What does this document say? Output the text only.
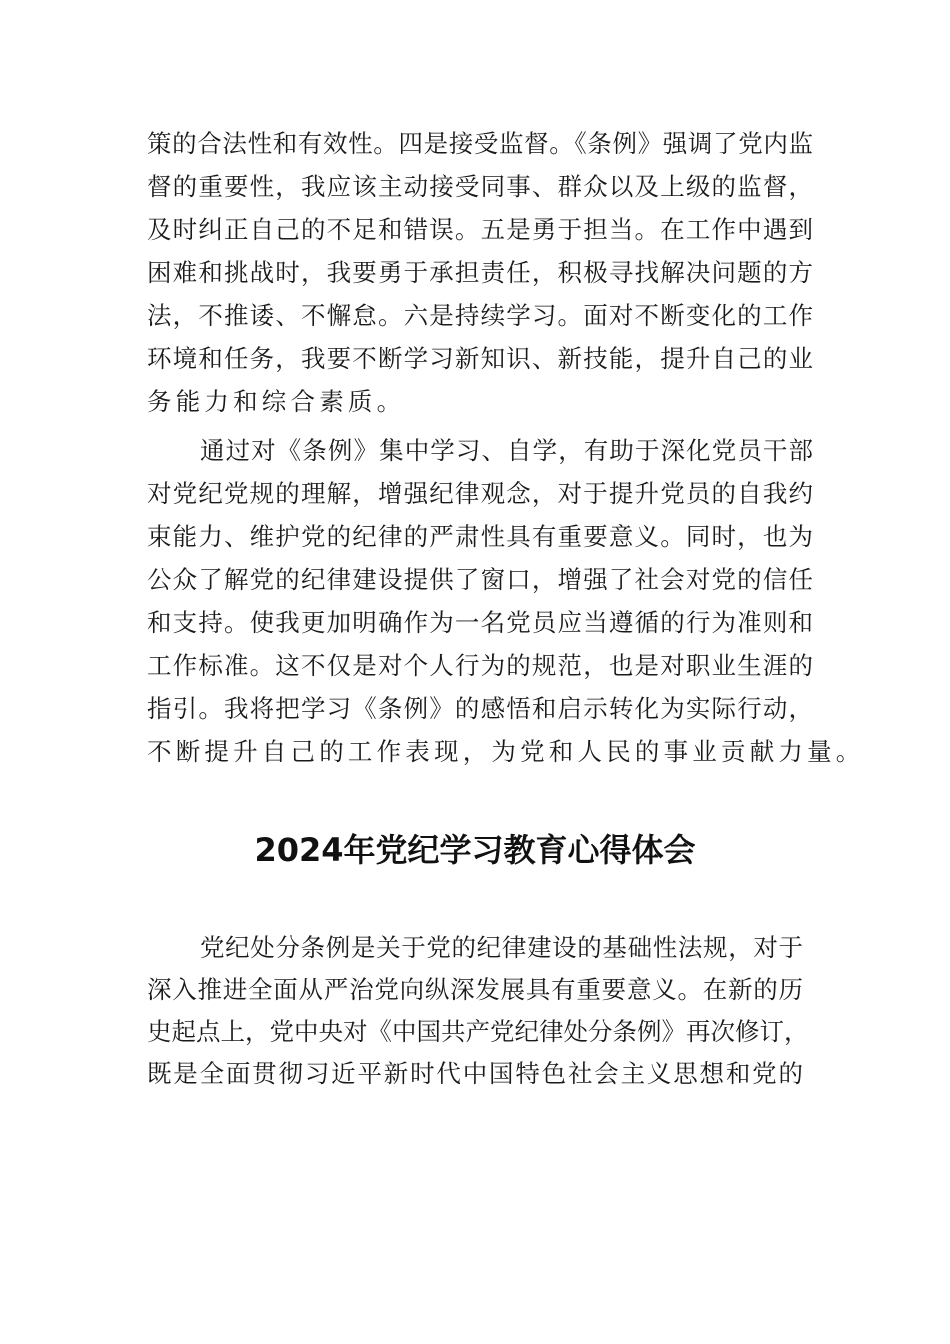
策的合法性和有效性。四是接受监督。《条例》强调了党内监
督的重要性，我应该主动接受同事、群众以及上级的监督，
及时纠正自己的不足和错误。五是勇于担当。在工作中遇到
困难和挑战时，我要勇于承担责任，积极寻找解决问题的方
法，不推诿、不懈怠。六是持续学习。面对不断变化的工作
环境和任务，我要不断学习新知识、新技能，提升自己的业
务能力和综合素质。
通过对《条例》集中学习、自学，有助于深化党员干部
对党纪党规的理解，增强纪律观念，对于提升党员的自我约
束能力、维护党的纪律的严肃性具有重要意义。同时，也为
公众了解党的纪律建设提供了窗口，增强了社会对党的信任
和支持。使我更加明确作为一名党员应当遵循的行为准则和
工作标准。这不仅是对个人行为的规范，也是对职业生涯的
指引。我将把学习《条例》的感悟和启示转化为实际行动，
不断提升自己的工作表现，为党和人民的事业贡献力量。
2024年党纪学习教育心得体会
党纪处分条例是关于党的纪律建设的基础性法规，对于
深入推进全面从严治党向纵深发展具有重要意义。在新的历
史起点上，党中央对《中国共产党纪律处分条例》再次修订，
既是全面贯彻习近平新时代中国特色社会主义思想和党的
